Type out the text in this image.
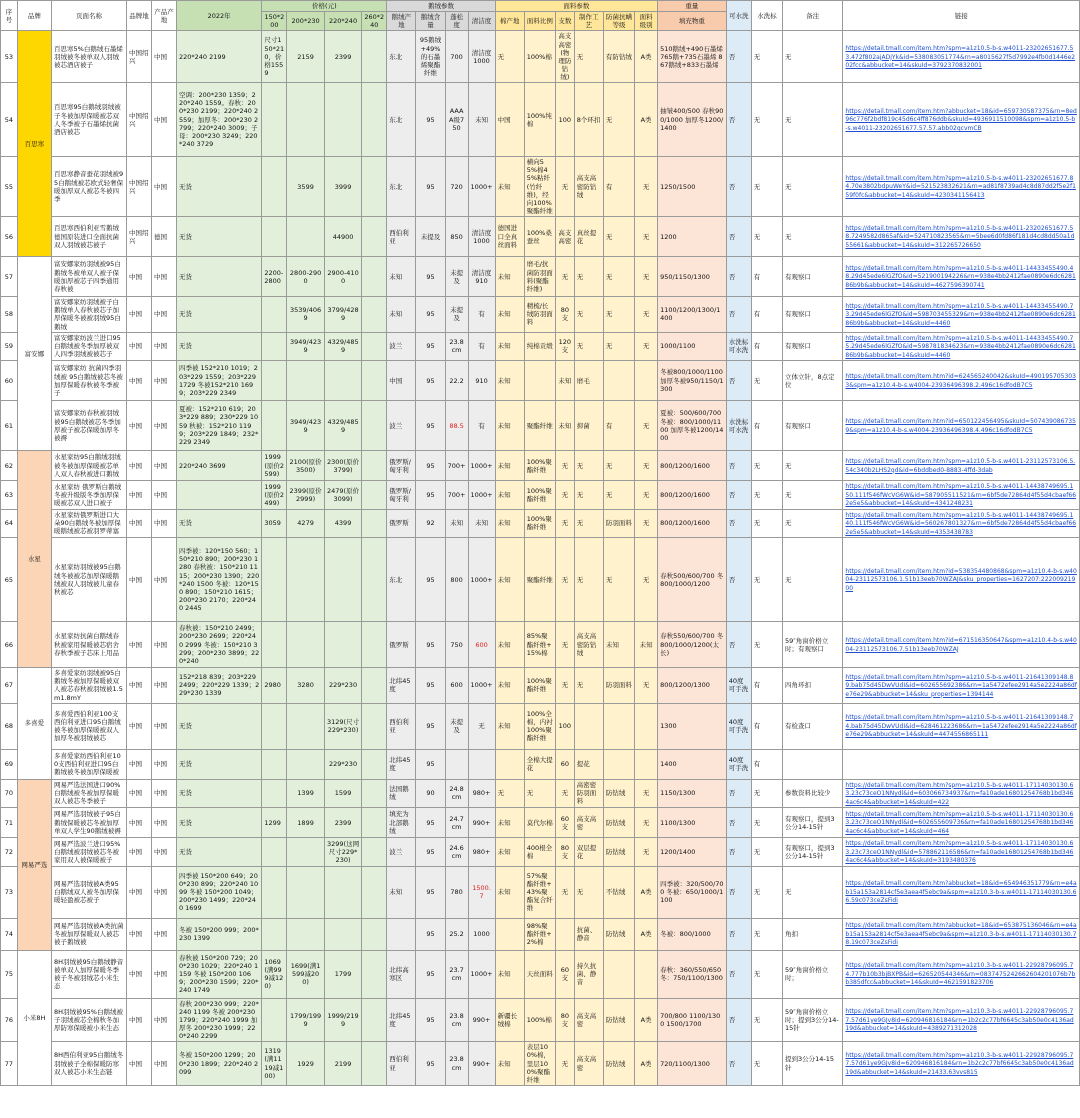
序号	品牌	页面名称	品牌地	产品产地	2022年	价格(元)				鹅绒参数				面料参数						重量	可水洗	水洗标	备注	链接
						150*200	200*230	220*240	260*240	鹅绒产地	鹅绒含量	蓬松度	清洁度	棉产地	面料比例	支数	制作工艺	防菌抗螨等级	面料级别	填充物重				
53	百思寒	百思寒5%白鹅绒石墨烯羽绒被冬被单双人羽绒被芯酒店被子	中国绍兴	中国	220*240 2199	尺寸150*210，价格1559	2159	2399		东北	95鹅绒+49%的石墨烯聚酯纤维	700	清洁度1000	无	100%棉	高支高密(物理防钻绒)	无	有防钻绒	A类	510鹅绒+490石墨烯 765鹅+735石墨烯 867鹅绒+833石墨烯	否	无	无	https://detail.tmall.com/item.htm?spm=a1z10.5-b-s.w4011-23202651677.53.472f802ajADjYk&id=538083051774&rn=a8015627f5d7992e4fb0d1446e202fcc&abbucket=14&skuId=3792370832001
54		百思寒95白鹅绒羽绒被子冬被加厚保暖被芯双人冬季被子石墨烯抗菌酒店被芯	中国绍兴	中国	空调：200*230 1359；220*240 1559。春秋：200*230 2199；220*240 2559；加厚冬：200*230 2799；220*240 3009；子母：200*230 3249；220*240 3729					东北	95	AAAA级750	未知	中国	100%纯棉	100	8个环扣	无	A类	抽皱400/500 春秋900/1000 加厚冬1200/1400	否	无	无	https://detail.tmall.com/item.htm?abbucket=18&id=659730587375&rn=8ed96c776f2bdf819c45d6c4ff876ddb&skuId=4936911510098&spm=a1z10.5-b-s.w4011-23202651677.57.57.abb02qcvmCB
55		百思寒静音蚕花羽绒被95白鹅绒被芯欧式轻奢保暖加厚双人被芯冬被四季	中国绍兴	中国	无货		3599	3999		东北	95	720	1000+	未知	横向55%棉45%粘纤(竹纤维)，经向100%聚酯纤维	无	高支高密防钻绒	有	无	1250/1500	否	无	无	https://detail.tmall.com/item.htm?spm=a1z10.5-b-s.w4011-23202651677.84.70e3802bdpuWeY&id=521523832621&rn=ad81f8739ad4c8d87dd2f5e2f159f0fc&abbucket=14&skuId=4230341156413
56		百思寒西伯利亚雪鹅绒德国原装进口全面抗菌双人羽绒被芯被子	中国绍兴	德国	无货			44900		西伯利亚	未提及	850	清洁度1000	德国进口全真丝面料	100%桑蚕丝	高支高密	真丝提花	无	无	1200	否	无	无	https://detail.tmall.com/item.htm?spm=a1z10.5-b-s.w4011-23202651677.58.7249582d865af&id=524710823565&rn=5bee6d0fd86f181d4cd8dd50a1d55661&abbucket=14&skuId=312265726650
57	富安娜	富安娜家纺羽绒被95白鹅绒冬被单双人被子保暖加厚被芯子四季通用春秋被	中国	中国	无货	2200-2800	2800-2900	2900-4100		未知	95	未提及	清洁度910	未知	磨毛/抗菌防羽面料(聚酯纤维)	无	无	无	无	950/1150/1300	否	有	有观察口	https://detail.tmall.com/item.htm?spm=a1z10.5-b-s.w4011-14433455490.48.29d45ede6lGZfO&id=521900194226&rn=938e4bb2412fae0890e6dc628186b9b&abbucket=14&skuId=4627596390741
58		富安娜家纺羽绒被子白鹅绒单人春秋被芯子加厚保暖冬被被羽绒95白鹅绒	中国	中国	无货		3539/4069	3799/4289		未知	95	未提及	有	未知	精梳/长绒防羽面料	80支	无	无	无	1100/1200/1300/1400	否	有	有观察口	https://detail.tmall.com/item.htm?spm=a1z10.5-b-s.w4011-14433455490.73.29d45ede6lGZfO&id=598703455329&rn=938e4bb2412fae0890e6dc628186b9b&abbucket=14&skuId=4460
59		富安娜家纺波兰进口95白鹅绒被冬季加厚被双人四季羽绒被被芯子	中国	中国	无货		3949/4239	4329/4859		波兰	95	23.8cm	有	未知	纯棉贡缎	120支	无	无	无	1000/1100	水洗标可水洗	有	有观察口	https://detail.tmall.com/item.htm?spm=a1z10.5-b-s.w4011-14433455490.75.29d45ede6lGZfO&id=598781834623&rn=938e4bb2412fae0890e6dc628186b9b&abbucket=14&skuId=4460
60		富安娜家纺 抗菌四季羽绒被 95白鹅绒被芯冬被加厚保暖春秋被冬季被子	中国	中国	四季被 152*210 1019；203*229 1559；203*229 1729 冬被152*210 1699；203*229 2349					中国	95	22.2	910	未知		未知	磨毛			冬被800/1000/1100加厚冬被950/1150/1300	否	无	立体立针，8点定位	https://detail.tmall.com/item.htm?id=624565240042&skuId=4901957053033&spm=a1z10.4-b-s.w4004-23936496398.2.496c16dfodB7C5
61		富安娜家纺春秋被羽绒被95白鹅绒被芯冬季加厚被子被芯保暖加厚冬被褥	中国	中国	夏被：152*210 619；203*229 889；230*229 1059 秋被：152*210 1199；203*229 1849；232*229 2349		3949/4239	4329/4859		波兰	95	88.5	有	未知	聚酯纤维	未知	抑菌	有	无	夏被：500/600/700 冬被：800/1000/1100 加厚冬被1200/1400	水洗标可水洗	有	有观察口	https://detail.tmall.com/item.htm?id=650122456495&skuId=5074390867359&spm=a1z10.4-b-s.w4004-23936496398.4.496c16dfodB7C5
62	水星	水星家纺95白鹅绒羽绒被冬被加厚保暖被芯单人双人春秋被进口鹅绒	中国	中国	220*240 3699	1999(原价2599)	2100(原价3500)	2300(原价3799)		俄罗斯/匈牙利	95	700+	1000+	未知	100%聚酯纤维	无	无	无	无	800/1200/1600	否	无	无	https://detail.tmall.com/item.htm?spm=a1z10.5-b-s.w4011-23112573106.5.54c340b2LHS2qd&id=6bddbed0-8883-4ffd-3dab
63		水星家纺 俄罗斯白鹅绒冬被升级版冬季加厚保暖被芯双人进口被子	中国	中国		1999(原价2499)	2399(原价2999)	2479(原价3099)		俄罗斯/匈牙利	95	700+	1000+	未知	100%聚酯纤维	无	无	无	无	800/1200/1600	否	无	无	https://detail.tmall.com/item.htm?spm=a1z10.5-b-s.w4011-14438749695.150.111f546fWcVG6W&id=587905511521&rn=6bf5de72864d4f55d4cbaef662e5e5&abbucket=14&skuId=4341248231
64		水星家纺俄罗斯进口大朵90白鹅绒冬被加厚保暖鹅绒被芯被羽罗蒂塞	中国	中国	无货	3059	4279	4399		俄罗斯	92	未知	未知	未知	100%聚酯纤维	无	无	防羽面料	无	800/1200/1600	否	无	无	https://detail.tmall.com/item.htm?spm=a1z10.5-b-s.w4011-14438749695.140.111f546fWcVG6W&id=560267801327&rn=6bf5de72864d4f55d4cbaef662e5e5&abbucket=14&skuId=4353438783
65		水星家纺羽绒被95白鹅绒冬被被芯加厚保暖鹅绒被双人羽绒被儿童春秋被芯	中国	中国	四季被：120*150 560；150*210 890；200*230 1280 春秋被：150*210 1115；200*230 1390；220*240 1500 冬被：120*150 890；150*210 1615；200*230 2170；220*240 2445					东北	95	800	1000+	未知	聚酯纤维	无	无	无	无	春秋500/600/700 冬800/1000/1200	否	无	无	https://detail.tmall.com/item.htm?id=538354480868&spm=a1z10.4-b-s.w4004-23112573106.1.51b13eeb70WZAJ&sku_properties=1627207:22200921900
66		水星家纺抗菌白鹅绒春秋被家用保暖被芯宿舍春秋季被子芯床上用品	中国	中国	春秋被：150*210 2499；200*230 2699；220*240 2999 冬被：150*210 3299；200*230 3899；220*240					俄罗斯	95	750	600	未知	85%聚酯纤维+15%棉	无	高支高密防钻绒	未知	未知	春秋550/600/700 冬800/1000/1200(太长)	否	无	59″角窗价格立时；有观察口	https://detail.tmall.com/item.htm?id=671516350647&spm=a1z10.4-b-s.w4004-23112573106.7.51b13eeb70WZAJ
67	多喜爱	多喜爱家纺羽绒被95白鹅绒冬被加厚保暖被双人被芯春秋被羽绒被1.5m1.8mY	中国	中国	152*218 839；203*229 2499；220*229 1339；229*230 1339	2980	3280	229*230		北纬45度	95	600	1000+	未知	100%聚酯纤维	无	无	防羽面料	无	800/1200/1300	40度可手洗	有	四角环扣	https://detail.tmall.com/item.htm?spm=a1z10.5-b-s.w4011-21641309148.89.bab75d45DwVUdI&id=602655692386&rn=1a5472efee2914a5e2224a86dfe76e29&abbucket=14&sku_properties=1394144
68		多喜爱西伯利亚100支西伯利亚进口95白鹅绒被冬被加厚保暖被双人加厚冬被羽绒被芯	中国	中国	无货			3129(尺寸229*230)		西伯利亚	95	未提及	无	未知	100%全棉，内衬100%聚酯纤维	100				1300	40度可手洗	有	有检查口	https://detail.tmall.com/item.htm?spm=a1z10.5-b-s.w4011-21641309148.74.bab75d45DwVUdI&id=628461223686&rn=1a5472efee2914a5e2224a86dfe76e29&abbucket=14&skuId=4474556865111
69		多喜爱家纺西伯利亚100支西伯利亚进口95白鹅绒被冬被加厚保暖被	中国	中国	无货			229*230		北纬45度	95				全棉大提花	60	提花			1400	40度可手洗	有		
70	网易严选	网易严选法国进口90%白鹅绒被冬被加厚保暖双人被芯冬季被子	中国	中国	无货		1399	1599		法国鹅绒	90	24.8cm	980+	无	无	无	高密密防羽面料	防钻绒	无	1150/1300	否	无	参数资料比较少	https://detail.tmall.com/item.htm?spm=a1z10.5-b-s.w4011-17114030130.63.23c73ceO1NNydl&id=603066734937&rn=fa10ade16801254768b1bd3464ac6c4&abbucket=14&skuId=422
71		网易严选羽绒被子95白鹅绒保暖被芯冬被加厚单双人学生90鹅绒被褥	中国	中国	无货	1299	1899	2399		填充为北部鹅绒	95	24.7cm	990+	未知	莫代尔棉	60支	高支高密	防钻绒	无	1100/1300	否	无	有观察口，提到3公分14-15针	https://detail.tmall.com/item.htm?spm=a1z10.5-b-s.w4011-17114030130.63.23c73ceO1NNydl&id=602655609736&rn=fa10ade16801254768b1bd3464ac6c4&abbucket=14&skuId=464
72		网易严选波兰进口95%白鹅绒被羽绒被芯冬被家用双人被保暖被子	中国	中国	无货			3299(这网尺寸229*230)		波兰	95	24.6cm	980+	未知	400根全棉	80支	双层提花	防钻绒	无	1200/1400	否	无	有观察口，提到3公分14-15针	https://detail.tmall.com/item.htm?spm=a1z10.5-b-s.w4011-17114030130.63.23c73ceO1NNydl&id=578862116586&rn=fa10ade16801254768b1bd3464ac6c4&abbucket=14&skuId=3193480376
73		网易严选羽绒被A类95白鹅绒双人被冬加厚保暖轻盈被芯被子	中国	中国	四季被 150*200 649；200*230 899；220*240 1099 冬被 150*200 1049；200*230 1499；220*240 1699					未知	95	780	1500.7	未知	57%聚酯纤维+43%聚酯复合纤维	无	无	不钻绒	A类	四季被：320/500/700 冬被：650/1000/1100	否	无	无	https://detail.tmall.com/item.htm?abbucket=18&id=654946351779&rn=e4ab15a153a2814cf5e3aea4f5ebc9a&spm=a1z10.3-b-s.w4011-17114030130.66.59c073ceZsFidi
74		网易严选羽绒被A类抗菌冬被加厚保暖双人被芯被子鹅绒被	中国	中国	冬被 150*200 999；200*230 1399						95	25.2	1000		98%聚酯纤维+2%棉		抗菌、静音	防钻绒	A类	冬被：800/1000	否	无	角扣	https://detail.tmall.com/item.htm?abbucket=18&id=653875136046&rn=e4ab15a153a2814cf5e3aea4f5ebc9a&spm=a1z10.3-b-s.w4011-17114030130.78.19c073ceZsFidi
75	小米8H	8H羽绒被95白鹅绒静音被单双人加厚保暖冬季被子冬被羽绒芯小米生态	中国	中国	春秋被 150*200 729；200*230 1029；220*240 1159 冬被 150*200 1069；200*230 1599；220*240 1749	1069(满999减120)	1699(满1599减200)	1799		北纬高寒区	95	23.7cm	1000+	未知	天丝面料	60支	持久抗菌、静音			春秋：360/550/650 冬：750/1100/1300	否	无	59″角窗价格立时；	https://detail.tmall.com/item.htm?spm=a1z10.3-b-s.w4011-22928796095.74.777b10b3bjBXPB&id=626520544346&rn=0837475242662604201076b7bb385dfcc&abbucket=14&skuId=4621591823706
76		8H羽绒被95%白鹅绒被子羽绒被芯全棉秋冬加厚防寒保暖被小米生态	中国	中国	春秋 200*230 999；220*240 1199 冬被 200*230 1799；220*240 1999 加厚冬 200*230 1999；220*240 2299		1799/1999	1999/2199		北纬45度	95	23.8cm	990+	新疆长绒棉	100%棉	80支	高支高密	防钻绒	A类	700/800 1100/1300 1500/1700	否	无	59″角窗价格立时；提到3公分14-15针	https://detail.tmall.com/item.htm?spm=a1z10.3-b-s.w4011-22928796095.77.57d61ye9GJv8id=620946816184&rn=1b2c2c77bf6645c3ab50e0c4136ad19d&abbucket=14&skuId=4389271312028
77		8H西伯利亚95白鹅绒冬羽绒被子全棉保暖防寒双人被芯小米生态链	中国	中国	冬被 150*200 1299；200*230 1899；220*240 2099	1319(满1119减100)	1929	2199		西伯利亚	95	23.8cm	990+	未知	表层100%棉，里层100%聚酯纤维	无	高支高密	防钻绒	A类	720/1100/1300	否	无	提到3公分14-15针	https://detail.tmall.com/item.htm?spm=a1z10.3-b-s.w4011-22928796095.77.57d61ye9GJv8id=620946816184&rn=1b2c2c77bf6645c3ab50e0c4136ad19d&abbucket=14&skuId=21433.63vvs815
